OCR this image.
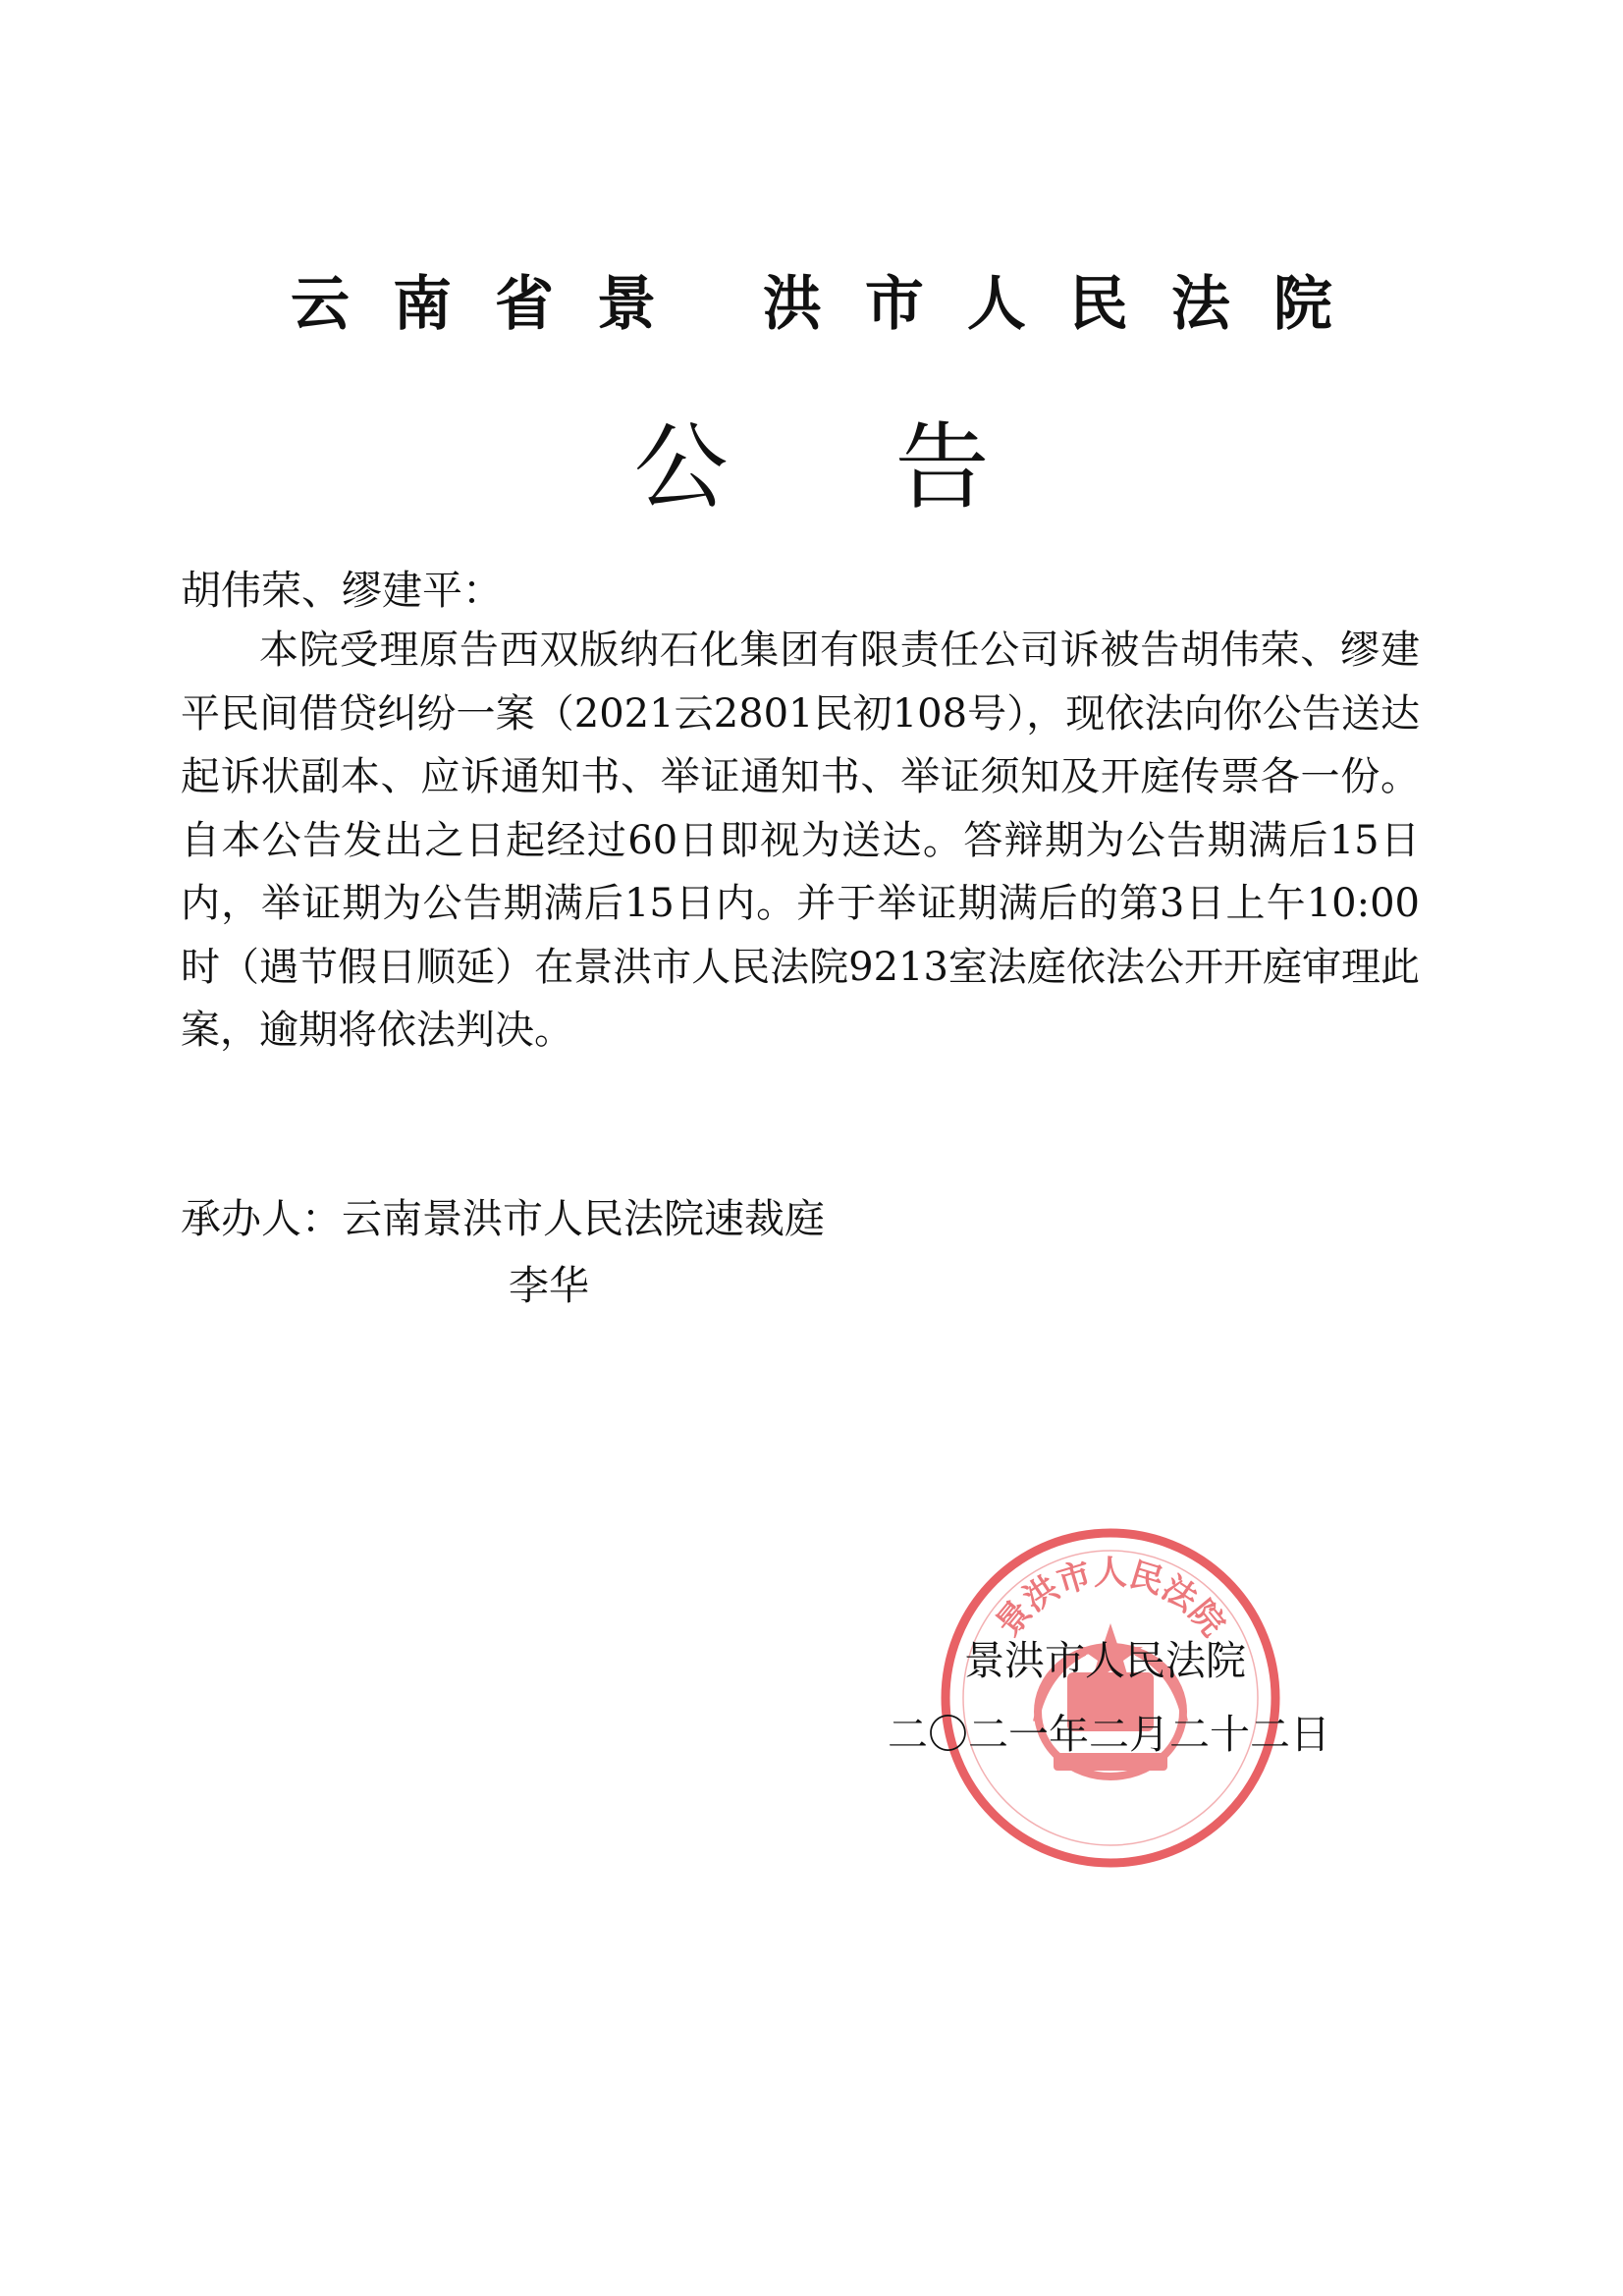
云南省景 洪市人民法院
公告
胡伟荣、缪建平：
本院受理原告西双版纳石化集团有限责任公司诉被告胡伟荣、缪建平民间借贷纠纷一案（2021云2801民初108号），现依法向你公告送达起诉状副本、应诉通知书、举证通知书、举证须知及开庭传票各一份。自本公告发出之日起经过60日即视为送达。答辩期为公告期满后15日内，举证期为公告期满后15日内。并于举证期满后的第3日上午10:00时（遇节假日顺延）在景洪市人民法院9213室法庭依法公开开庭审理此案，逾期将依法判决。
承办人：云南景洪市人民法院速裁庭
李华
景洪市人民法院
景洪市人民法院
二〇二一年二月二十二日
